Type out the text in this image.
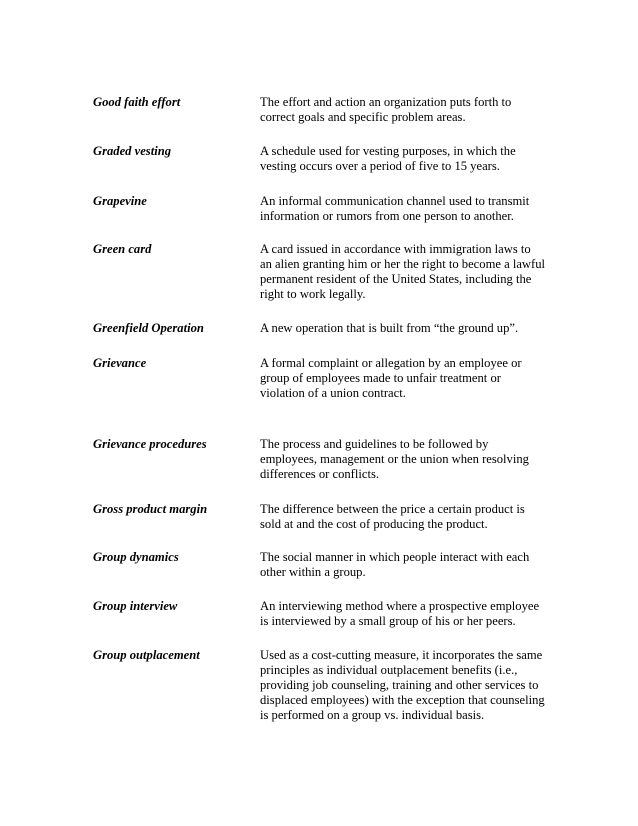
Good faith effort	The effort and action an organization puts forth to
correct goals and specific problem areas.
Graded vesting	A schedule used for vesting purposes, in which the
vesting occurs over a period of five to 15 years.
Grapevine	An informal communication channel used to transmit
information or rumors from one person to another.
Green card	A card issued in accordance with immigration laws to
an alien granting him or her the right to become a lawful
permanent resident of the United States, including the
right to work legally.
Greenfield Operation	A new operation that is built from “the ground up”.
Grievance	A formal complaint or allegation by an employee or
group of employees made to unfair treatment or
violation of a union contract.
Grievance procedures	The process and guidelines to be followed by
employees, management or the union when resolving
differences or conflicts.
Gross product margin	The difference between the price a certain product is
sold at and the cost of producing the product.
Group dynamics	The social manner in which people interact with each
other within a group.
Group interview	An interviewing method where a prospective employee
is interviewed by a small group of his or her peers.
Group outplacement	Used as a cost-cutting measure, it incorporates the same
principles as individual outplacement benefits (i.e.,
providing job counseling, training and other services to
displaced employees) with the exception that counseling
is performed on a group vs. individual basis.
